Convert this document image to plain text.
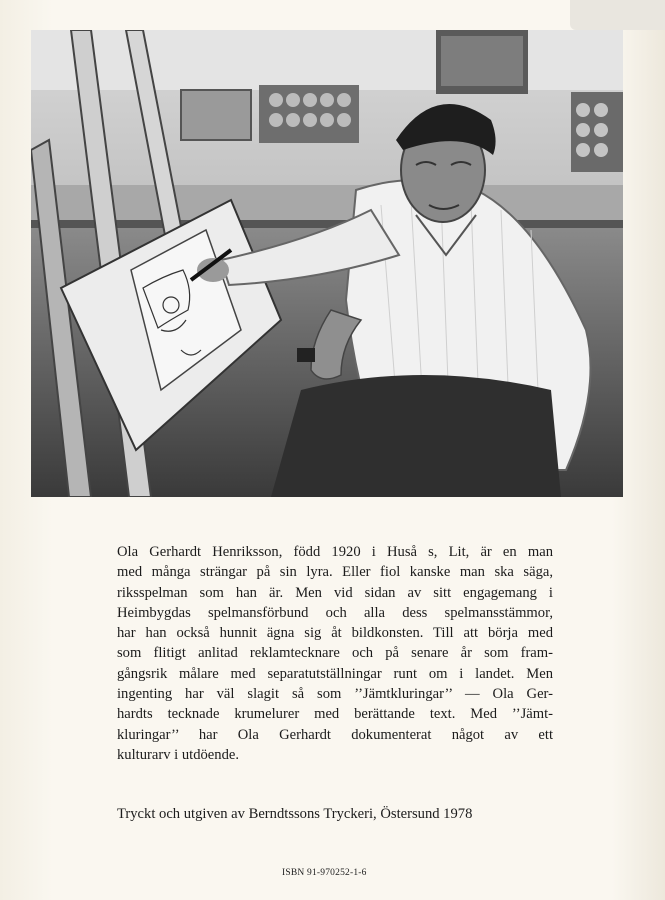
Ola Gerhardt Henriksson, född 1920 i Huså s, Lit, är en man
med många strängar på sin lyra. Eller fiol kanske man ska säga,
riksspelman som han är. Men vid sidan av sitt engagemang i
Heimbygdas spelmansförbund och alla dess spelmansstämmor,
har han också hunnit ägna sig åt bildkonsten. Till att börja med
som flitigt anlitad reklamtecknare och på senare år som fram-
gångsrik målare med separatutställningar runt om i landet. Men
ingenting har väl slagit så som ’’Jämtkluringar’’ — Ola Ger-
hardts tecknade krumelurer med berättande text. Med ’’Jämt-
kluringar’’ har Ola Gerhardt dokumenterat något av ett
kulturarv i utdöende.
Tryckt och utgiven av Berndtssons Tryckeri, Östersund 1978
ISBN 91-970252-1-6
